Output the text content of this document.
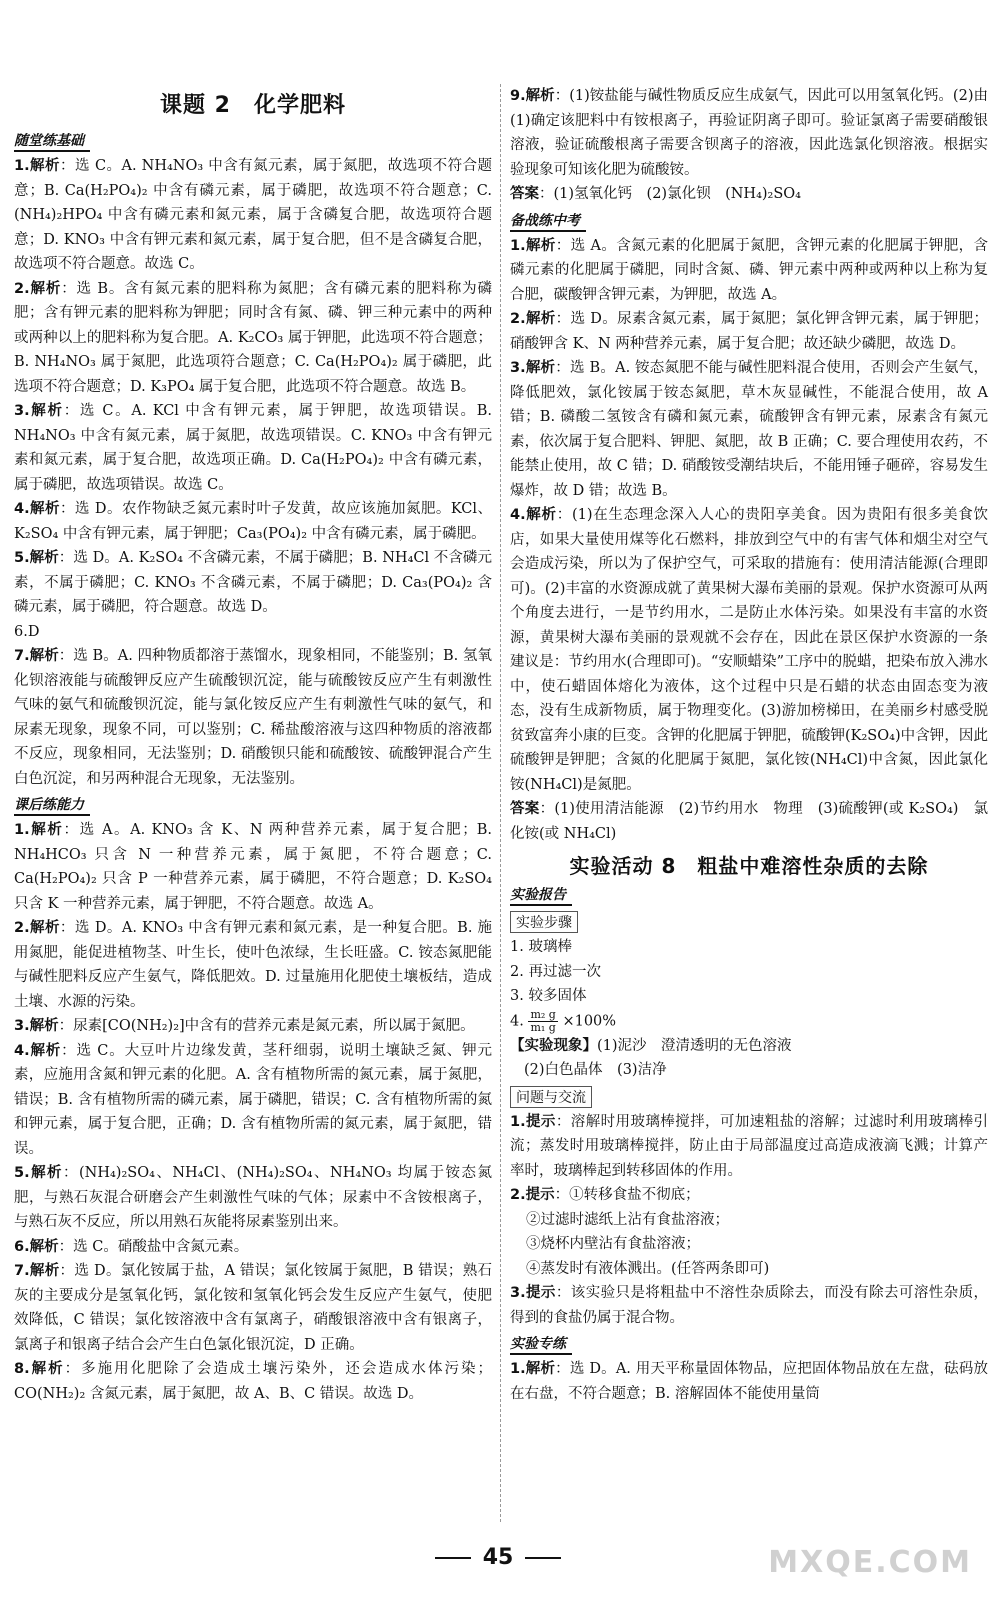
课题 2　化学肥料
随堂练基础

1.解析：选 C。A. NH₄NO₃ 中含有氮元素，属于氮肥，故选项不符合题意；B. Ca(H₂PO₄)₂ 中含有磷元素，属于磷肥，故选项不符合题意；C. (NH₄)₂HPO₄ 中含有磷元素和氮元素，属于含磷复合肥，故选项符合题意；D. KNO₃ 中含有钾元素和氮元素，属于复合肥，但不是含磷复合肥，故选项不符合题意。故选 C。

2.解析：选 B。含有氮元素的肥料称为氮肥；含有磷元素的肥料称为磷肥；含有钾元素的肥料称为钾肥；同时含有氮、磷、钾三种元素中的两种或两种以上的肥料称为复合肥。A. K₂CO₃ 属于钾肥，此选项不符合题意；B. NH₄NO₃ 属于氮肥，此选项符合题意；C. Ca(H₂PO₄)₂ 属于磷肥，此选项不符合题意；D. K₃PO₄ 属于复合肥，此选项不符合题意。故选 B。

3.解析：选 C。A. KCl 中含有钾元素，属于钾肥，故选项错误。B. NH₄NO₃ 中含有氮元素，属于氮肥，故选项错误。C. KNO₃ 中含有钾元素和氮元素，属于复合肥，故选项正确。D. Ca(H₂PO₄)₂ 中含有磷元素，属于磷肥，故选项错误。故选 C。

4.解析：选 D。农作物缺乏氮元素时叶子发黄，故应该施加氮肥。KCl、K₂SO₄ 中含有钾元素，属于钾肥；Ca₃(PO₄)₂ 中含有磷元素，属于磷肥。

5.解析：选 D。A. K₂SO₄ 不含磷元素，不属于磷肥；B. NH₄Cl 不含磷元素，不属于磷肥；C. KNO₃ 不含磷元素，不属于磷肥；D. Ca₃(PO₄)₂ 含磷元素，属于磷肥，符合题意。故选 D。

6.D

7.解析：选 B。A. 四种物质都溶于蒸馏水，现象相同，不能鉴别；B. 氢氧化钡溶液能与硫酸钾反应产生硫酸钡沉淀，能与硫酸铵反应产生有刺激性气味的氨气和硫酸钡沉淀，能与氯化铵反应产生有刺激性气味的氨气，和尿素无现象，现象不同，可以鉴别；C. 稀盐酸溶液与这四种物质的溶液都不反应，现象相同，无法鉴别；D. 硝酸钡只能和硫酸铵、硫酸钾混合产生白色沉淀，和另两种混合无现象，无法鉴别。

课后练能力

1.解析：选 A。A. KNO₃ 含 K、N 两种营养元素，属于复合肥；B. NH₄HCO₃ 只含 N 一种营养元素，属于氮肥，不符合题意；C. Ca(H₂PO₄)₂ 只含 P 一种营养元素，属于磷肥，不符合题意；D. K₂SO₄ 只含 K 一种营养元素，属于钾肥，不符合题意。故选 A。

2.解析：选 D。A. KNO₃ 中含有钾元素和氮元素，是一种复合肥。B. 施用氮肥，能促进植物茎、叶生长，使叶色浓绿，生长旺盛。C. 铵态氮肥能与碱性肥料反应产生氨气，降低肥效。D. 过量施用化肥使土壤板结，造成土壤、水源的污染。

3.解析：尿素[CO(NH₂)₂]中含有的营养元素是氮元素，所以属于氮肥。

4.解析：选 C。大豆叶片边缘发黄，茎秆细弱，说明土壤缺乏氮、钾元素，应施用含氮和钾元素的化肥。A. 含有植物所需的氮元素，属于氮肥，错误；B. 含有植物所需的磷元素，属于磷肥，错误；C. 含有植物所需的氮和钾元素，属于复合肥，正确；D. 含有植物所需的氮元素，属于氮肥，错误。

5.解析：(NH₄)₂SO₄、NH₄Cl、(NH₄)₂SO₄、NH₄NO₃ 均属于铵态氮肥，与熟石灰混合研磨会产生刺激性气味的气体；尿素中不含铵根离子，与熟石灰不反应，所以用熟石灰能将尿素鉴别出来。

6.解析：选 C。硝酸盐中含氮元素。

7.解析：选 D。氯化铵属于盐，A 错误；氯化铵属于氮肥，B 错误；熟石灰的主要成分是氢氧化钙，氯化铵和氢氧化钙会发生反应产生氨气，使肥效降低，C 错误；氯化铵溶液中含有氯离子，硝酸银溶液中含有银离子，氯离子和银离子结合会产生白色氯化银沉淀，D 正确。

8.解析：多施用化肥除了会造成土壤污染外，还会造成水体污染；CO(NH₂)₂ 含氮元素，属于氮肥，故 A、B、C 错误。故选 D。

9.解析：(1)铵盐能与碱性物质反应生成氨气，因此可以用氢氧化钙。(2)由(1)确定该肥料中有铵根离子，再验证阴离子即可。验证氯离子需要硝酸银溶液，验证硫酸根离子需要含钡离子的溶液，因此选氯化钡溶液。根据实验现象可知该化肥为硫酸铵。

答案：(1)氢氧化钙　(2)氯化钡　(NH₄)₂SO₄

备战练中考

1.解析：选 A。含氮元素的化肥属于氮肥，含钾元素的化肥属于钾肥，含磷元素的化肥属于磷肥，同时含氮、磷、钾元素中两种或两种以上称为复合肥，碳酸钾含钾元素，为钾肥，故选 A。

2.解析：选 D。尿素含氮元素，属于氮肥；氯化钾含钾元素，属于钾肥；硝酸钾含 K、N 两种营养元素，属于复合肥；故还缺少磷肥，故选 D。

3.解析：选 B。A. 铵态氮肥不能与碱性肥料混合使用，否则会产生氨气，降低肥效，氯化铵属于铵态氮肥，草木灰显碱性，不能混合使用，故 A 错；B. 磷酸二氢铵含有磷和氮元素，硫酸钾含有钾元素，尿素含有氮元素，依次属于复合肥料、钾肥、氮肥，故 B 正确；C. 要合理使用农药，不能禁止使用，故 C 错；D. 硝酸铵受潮结块后，不能用锤子砸碎，容易发生爆炸，故 D 错；故选 B。

4.解析：(1)在生态理念深入人心的贵阳享美食。因为贵阳有很多美食饮店，如果大量使用煤等化石燃料，排放到空气中的有害气体和烟尘对空气会造成污染，所以为了保护空气，可采取的措施有：使用清洁能源(合理即可)。(2)丰富的水资源成就了黄果树大瀑布美丽的景观。保护水资源可从两个角度去进行，一是节约用水，二是防止水体污染。如果没有丰富的水资源，黄果树大瀑布美丽的景观就不会存在，因此在景区保护水资源的一条建议是：节约用水(合理即可)。“安顺蜡染”工序中的脱蜡，把染布放入沸水中，使石蜡固体熔化为液体，这个过程中只是石蜡的状态由固态变为液态，没有生成新物质，属于物理变化。(3)游加榜梯田，在美丽乡村感受脱贫致富奔小康的巨变。含钾的化肥属于钾肥，硫酸钾(K₂SO₄)中含钾，因此硫酸钾是钾肥；含氮的化肥属于氮肥，氯化铵(NH₄Cl)中含氮，因此氯化铵(NH₄Cl)是氮肥。

答案：(1)使用清洁能源　(2)节约用水　物理　(3)硫酸钾(或 K₂SO₄)　氯化铵(或 NH₄Cl)

实验活动 8　粗盐中难溶性杂质的去除
实验报告
实验步骤

1. 玻璃棒

2. 再过滤一次

3. 较多固体

4. $\frac{\text{m₂ g}}{\text{m₁ g}} \times 100\%$

【实验现象】(1)泥沙　澄清透明的无色溶液

(2)白色晶体　(3)洁净

问题与交流

1.提示：溶解时用玻璃棒搅拌，可加速粗盐的溶解；过滤时利用玻璃棒引流；蒸发时用玻璃棒搅拌，防止由于局部温度过高造成液滴飞溅；计算产率时，玻璃棒起到转移固体的作用。

2.提示：①转移食盐不彻底；

②过滤时滤纸上沾有食盐溶液；

③烧杯内壁沾有食盐溶液；

④蒸发时有液体溅出。(任答两条即可)

3.提示：该实验只是将粗盐中不溶性杂质除去，而没有除去可溶性杂质，得到的食盐仍属于混合物。

实验专练

1.解析：选 D。A. 用天平称量固体物品，应把固体物品放在左盘，砝码放在右盘，不符合题意；B. 溶解固体不能使用量筒

45	MXQE.COM
